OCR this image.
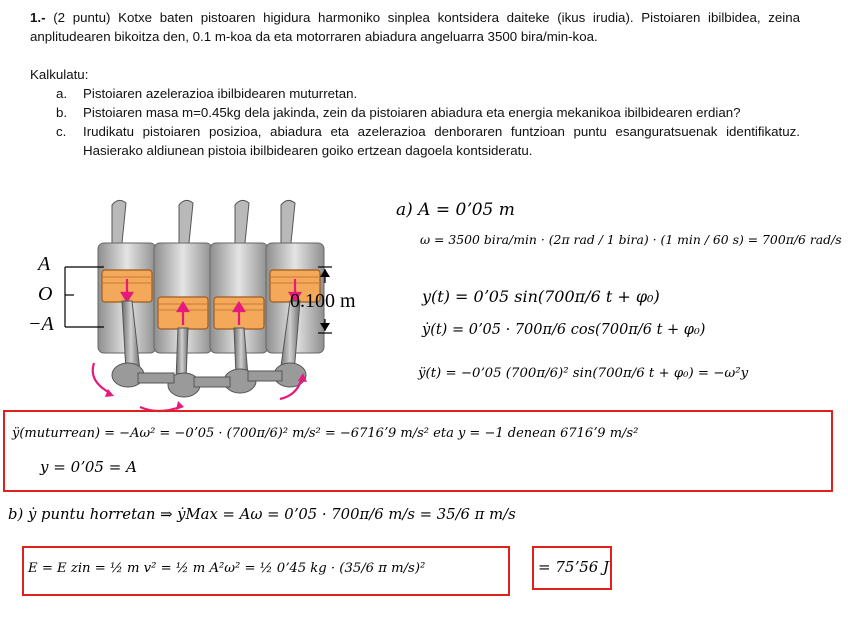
1.- (2 puntu) Kotxe baten pistoaren higidura harmoniko sinplea kontsidera daiteke (ikus irudia). Pistoiaren ibilbidea, zeina anplitudearen bikoitza den, 0.1 m-koa da eta motorraren abiadura angeluarra 3500 bira/min-koa.

Kalkulatu:

a. Pistoiaren azelerazioa ibilbidearen muturretan.
b. Pistoiaren masa m=0.45kg dela jakinda, zein da pistoiaren abiadura eta energia mekanikoa ibilbidearen erdian?
c. Irudikatu pistoiaren posizioa, abiadura eta azelerazioa denboraren funtzioan puntu esanguratsuenak identifikatuz. Hasierako aldiunean pistoia ibilbidearen goiko ertzean dagoela kontsideratu.
A
O
−A
0.100 m
a) A = 0ʼ05 m
ω = 3500 bira/min · (2π rad / 1 bira) · (1 min / 60 s) = 700π/6 rad/s
y(t) = 0ʼ05 sin(700π/6 t + φ₀)
ẏ(t) = 0ʼ05 · 700π/6 cos(700π/6 t + φ₀)
ÿ(t) = −0ʼ05 (700π/6)² sin(700π/6 t + φ₀) = −ω²y
ÿ(muturrean) = −Aω² = −0ʼ05 · (700π/6)² m/s² = −6716ʼ9 m/s² eta y = −1 denean 6716ʼ9 m/s²
y = 0ʼ05 = A
b) ẏ puntu horretan ⇒ ẏMax = Aω = 0ʼ05 · 700π/6 m/s = 35/6 π m/s
E = E zin = ½ m v² = ½ m A²ω² = ½ 0ʼ45 kg · (35/6 π m/s)²	= 75ʼ56 J
